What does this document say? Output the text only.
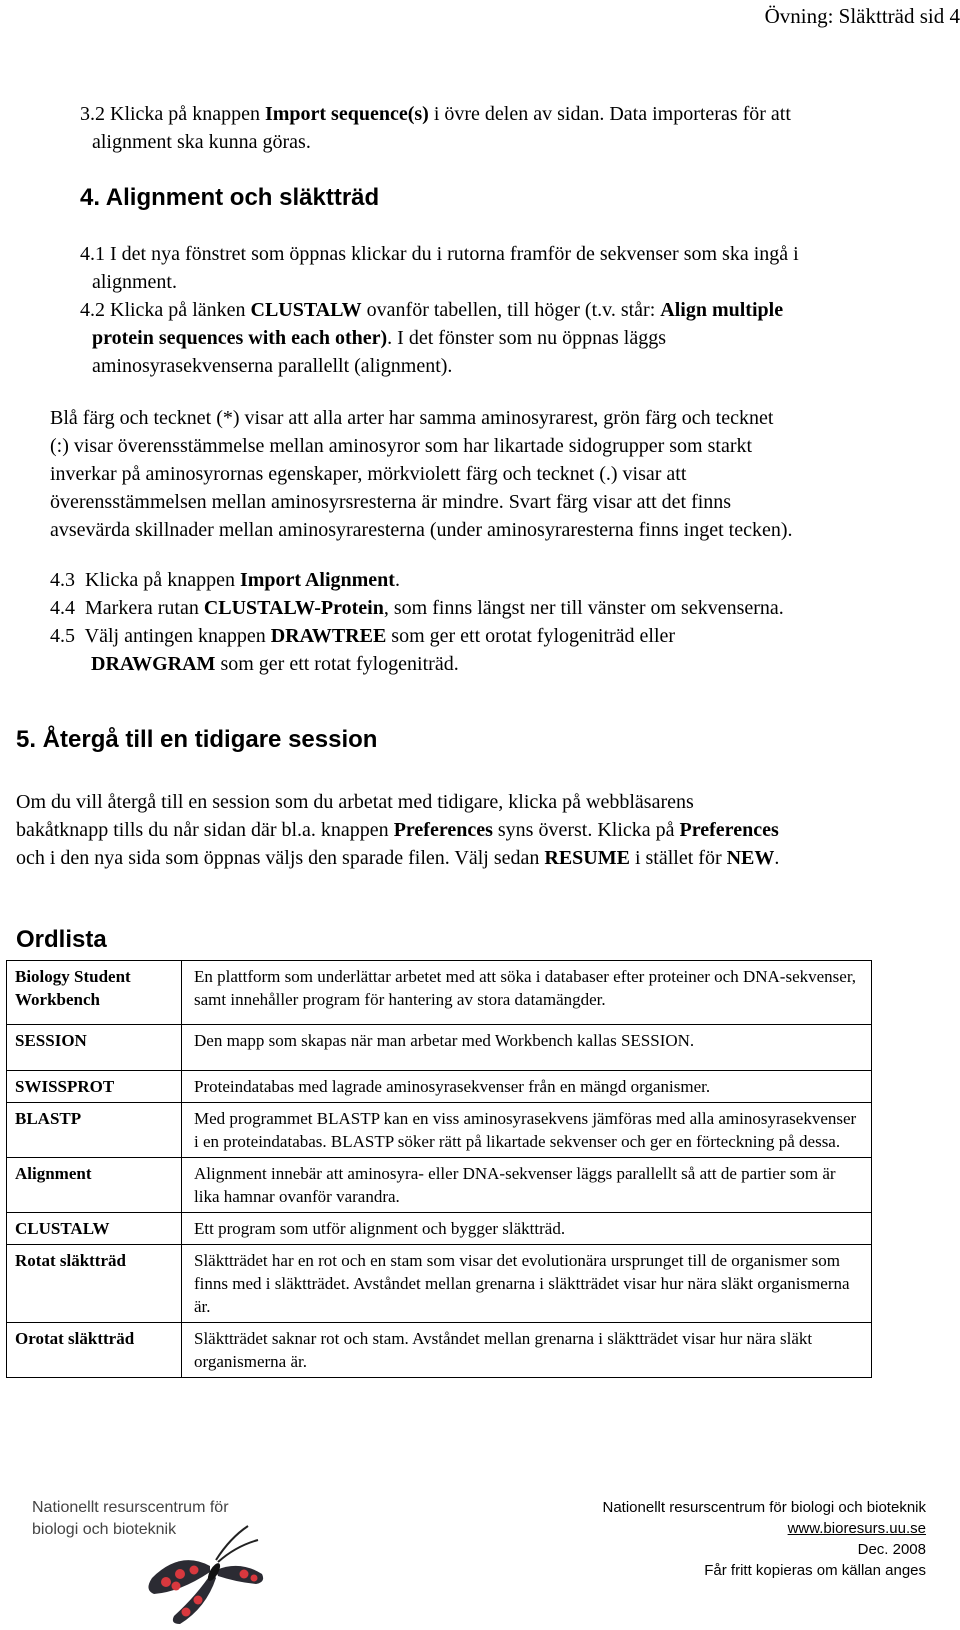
Övning: Släktträd sid 4
3.2 Klicka på knappen Import sequence(s) i övre delen av sidan. Data importeras för att
alignment ska kunna göras.
4. Alignment och släktträd
4.1 I det nya fönstret som öppnas klickar du i rutorna framför de sekvenser som ska ingå i
alignment.
4.2 Klicka på länken CLUSTALW ovanför tabellen, till höger (t.v. står: Align multiple
protein sequences with each other). I det fönster som nu öppnas läggs
aminosyrasekvenserna parallellt (alignment).
Blå färg och tecknet (*) visar att alla arter har samma aminosyrarest, grön färg och tecknet
(:) visar överensstämmelse mellan aminosyror som har likartade sidogrupper som starkt
inverkar på aminosyrornas egenskaper, mörkviolett färg och tecknet (.) visar att
överensstämmelsen mellan aminosyrsresterna är mindre. Svart färg visar att det finns
avsevärda skillnader mellan aminosyraresterna (under aminosyraresterna finns inget tecken).
4.3 Klicka på knappen Import Alignment.
4.4 Markera rutan CLUSTALW-Protein, som finns längst ner till vänster om sekvenserna.
4.5 Välj antingen knappen DRAWTREE som ger ett orotat fylogeniträd eller
DRAWGRAM som ger ett rotat fylogeniträd.
5. Återgå till en tidigare session
Om du vill återgå till en session som du arbetat med tidigare, klicka på webbläsarens
bakåtknapp tills du når sidan där bl.a. knappen Preferences syns överst. Klicka på Preferences
och i den nya sida som öppnas väljs den sparade filen. Välj sedan RESUME i stället för NEW.
Ordlista
Biology Student Workbench	En plattform som underlättar arbetet med att söka i databaser efter proteiner och DNA-sekvenser, samt innehåller program för hantering av stora datamängder.
SESSION	Den mapp som skapas när man arbetar med Workbench kallas SESSION.
SWISSPROT	Proteindatabas med lagrade aminosyrasekvenser från en mängd organismer.
BLASTP	Med programmet BLASTP kan en viss aminosyrasekvens jämföras med alla aminosyrasekvenser i en proteindatabas. BLASTP söker rätt på likartade sekvenser och ger en förteckning på dessa.
Alignment	Alignment innebär att aminosyra- eller DNA-sekvenser läggs parallellt så att de partier som är lika hamnar ovanför varandra.
CLUSTALW	Ett program som utför alignment och bygger släktträd.
Rotat släktträd	Släktträdet har en rot och en stam som visar det evolutionära ursprunget till de organismer som finns med i släktträdet. Avståndet mellan grenarna i släktträdet visar hur nära släkt organismerna är.
Orotat släktträd	Släktträdet saknar rot och stam. Avståndet mellan grenarna i släktträdet visar hur nära släkt organismerna är.
Nationellt resurscentrum för
biologi och bioteknik
Nationellt resurscentrum för biologi och bioteknik
www.bioresurs.uu.se
Dec. 2008
Får fritt kopieras om källan anges
